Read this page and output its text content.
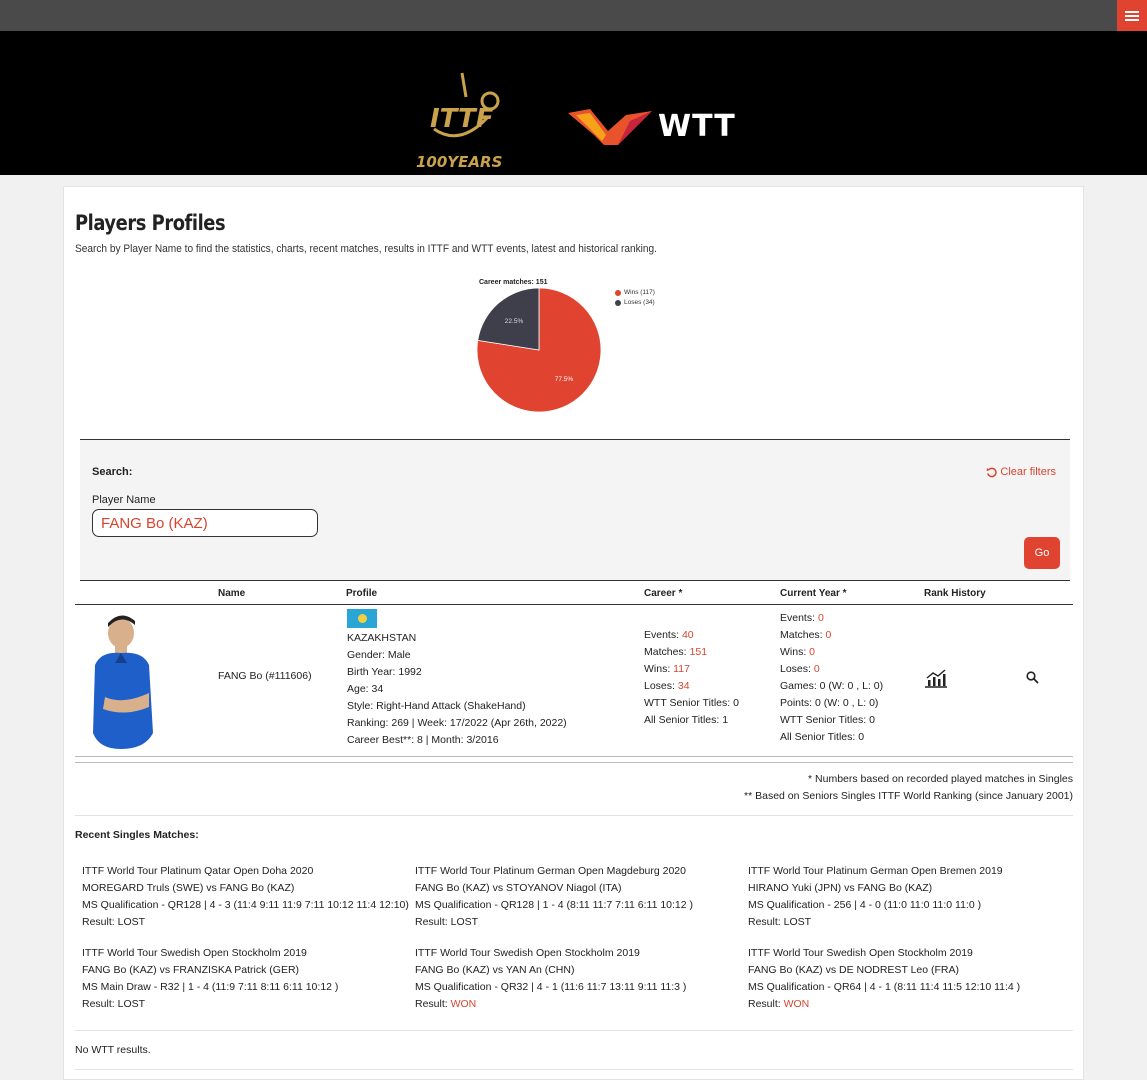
ITTF
100YEARS
WTT
Players Profiles
Search by Player Name to find the statistics, charts, recent matches, results in ITTF and WTT events, latest and historical ranking.
Career matches: 151
77.5%
22.5%
Wins (117)
Loses (34)
Search:	Clear filters
Player Name
FANG Bo (KAZ)
Go
Name	Profile	Career *	Current Year *	Rank History
FANG Bo (#111606)
KAZAKHSTAN
Gender: Male
Birth Year: 1992
Age: 34
Style: Right-Hand Attack (ShakeHand)
Ranking: 269 | Week: 17/2022 (Apr 26th, 2022)
Career Best**: 8 | Month: 3/2016
Events: 40
Matches: 151
Wins: 117
Loses: 34
WTT Senior Titles: 0
All Senior Titles: 1
Events: 0
Matches: 0
Wins: 0
Loses: 0
Games: 0 (W: 0 , L: 0)
Points: 0 (W: 0 , L: 0)
WTT Senior Titles: 0
All Senior Titles: 0
* Numbers based on recorded played matches in Singles
** Based on Seniors Singles ITTF World Ranking (since January 2001)
Recent Singles Matches:
ITTF World Tour Platinum Qatar Open Doha 2020
MOREGARD Truls (SWE) vs FANG Bo (KAZ)
MS Qualification - QR128 | 4 - 3 (11:4 9:11 11:9 7:11 10:12 11:4 12:10)
Result: LOST
ITTF World Tour Platinum German Open Magdeburg 2020
FANG Bo (KAZ) vs STOYANOV Niagol (ITA)
MS Qualification - QR128 | 1 - 4 (8:11 11:7 7:11 6:11 10:12 )
Result: LOST
ITTF World Tour Platinum German Open Bremen 2019
HIRANO Yuki (JPN) vs FANG Bo (KAZ)
MS Qualification - 256 | 4 - 0 (11:0 11:0 11:0 11:0 )
Result: LOST
ITTF World Tour Swedish Open Stockholm 2019
FANG Bo (KAZ) vs FRANZISKA Patrick (GER)
MS Main Draw - R32 | 1 - 4 (11:9 7:11 8:11 6:11 10:12 )
Result: LOST
ITTF World Tour Swedish Open Stockholm 2019
FANG Bo (KAZ) vs YAN An (CHN)
MS Qualification - QR32 | 4 - 1 (11:6 11:7 13:11 9:11 11:3 )
Result: WON
ITTF World Tour Swedish Open Stockholm 2019
FANG Bo (KAZ) vs DE NODREST Leo (FRA)
MS Qualification - QR64 | 4 - 1 (8:11 11:4 11:5 12:10 11:4 )
Result: WON
No WTT results.
